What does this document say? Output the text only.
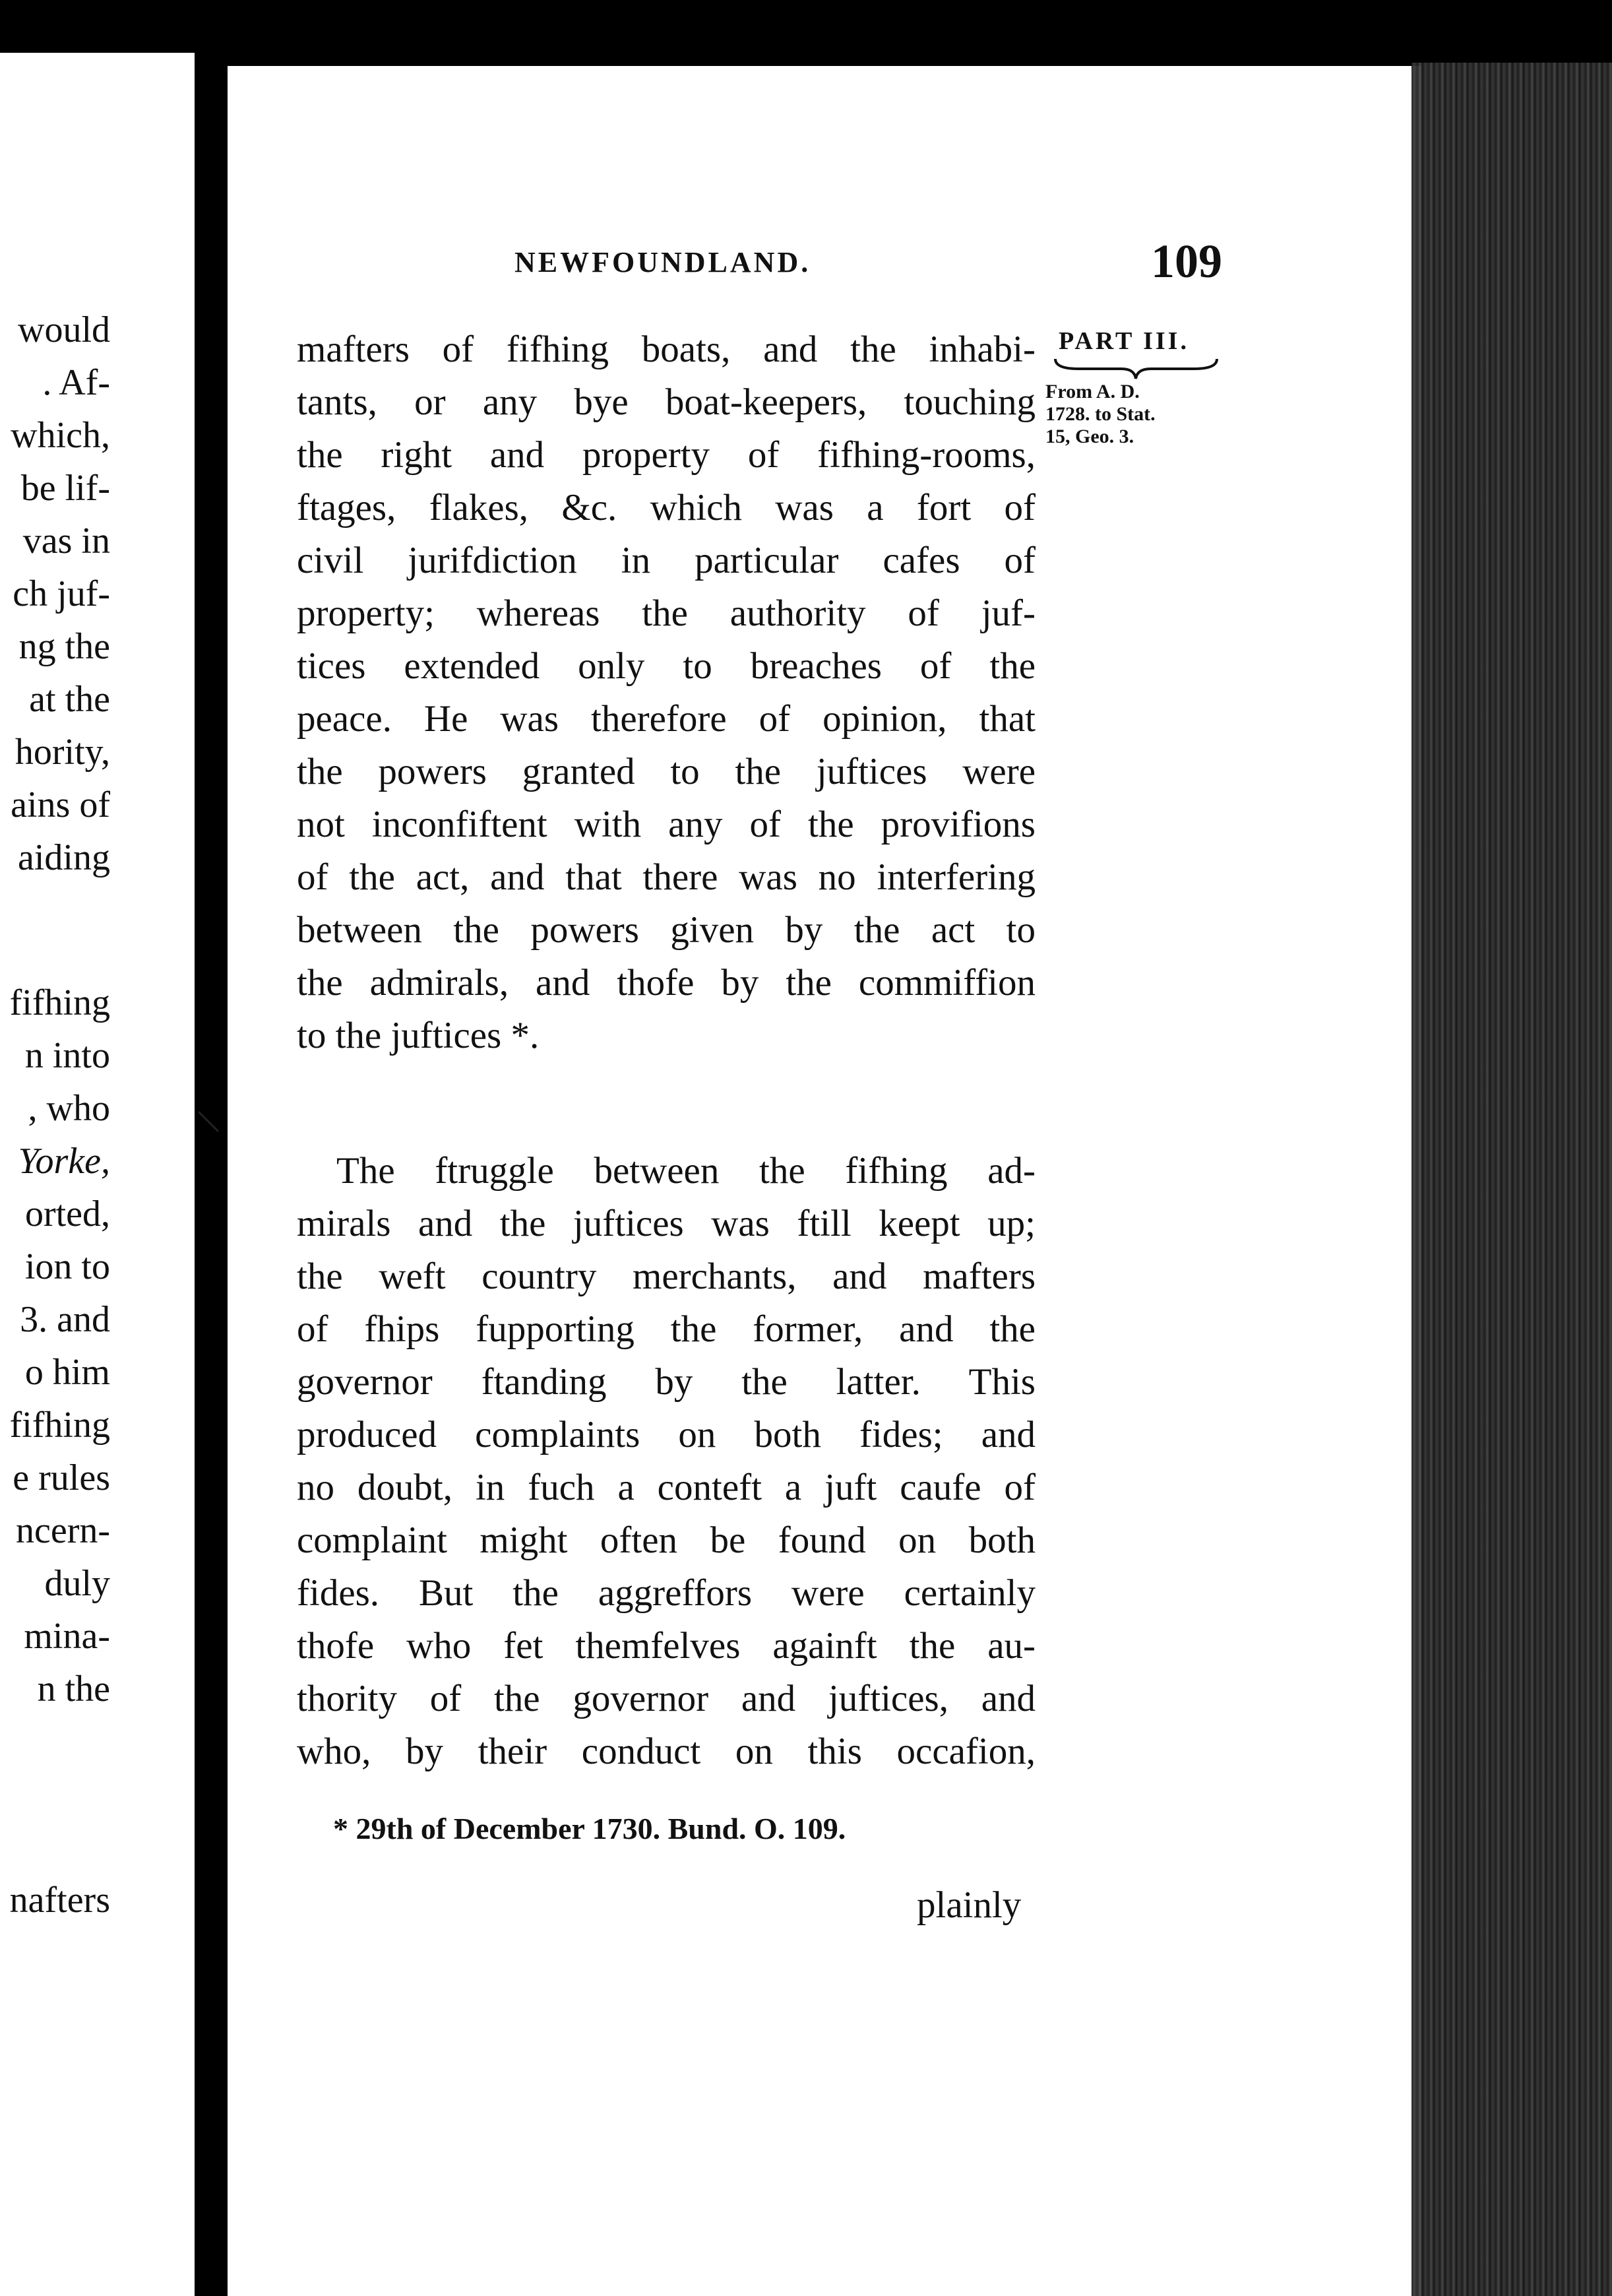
would
. Af-
which,
be lif-
vas in
ch juf-
ng the
at the
hority,
ains of
aiding
fifhing
n into
, who
Yorke,
orted,
ion to
3. and
o him
fifhing
e rules
ncern-
duly
mina-
n the
nafters
NEWFOUNDLAND.	109
PART III.
From A. D.
1728. to Stat.
15, Geo. 3.
mafters of fifhing boats, and the inhabi-
tants, or any bye boat-keepers, touching
the right and property of fifhing-rooms,
ftages, flakes, &c. which was a fort of
civil jurifdiction in particular cafes of
property; whereas the authority of juf-
tices extended only to breaches of the
peace. He was therefore of opinion, that
the powers granted to the juftices were
not inconfiftent with any of the provifions
of the act, and that there was no interfering
between the powers given by the act to
the admirals, and thofe by the commiffion
to the juftices *.
The ftruggle between the fifhing ad-
mirals and the juftices was ftill keept up;
the weft country merchants, and mafters
of fhips fupporting the former, and the
governor ftanding by the latter. This
produced complaints on both fides; and
no doubt, in fuch a conteft a juft caufe of
complaint might often be found on both
fides. But the aggreffors were certainly
thofe who fet themfelves againft the au-
thority of the governor and juftices, and
who, by their conduct on this occafion,
* 29th of December 1730. Bund. O. 109.
plainly
